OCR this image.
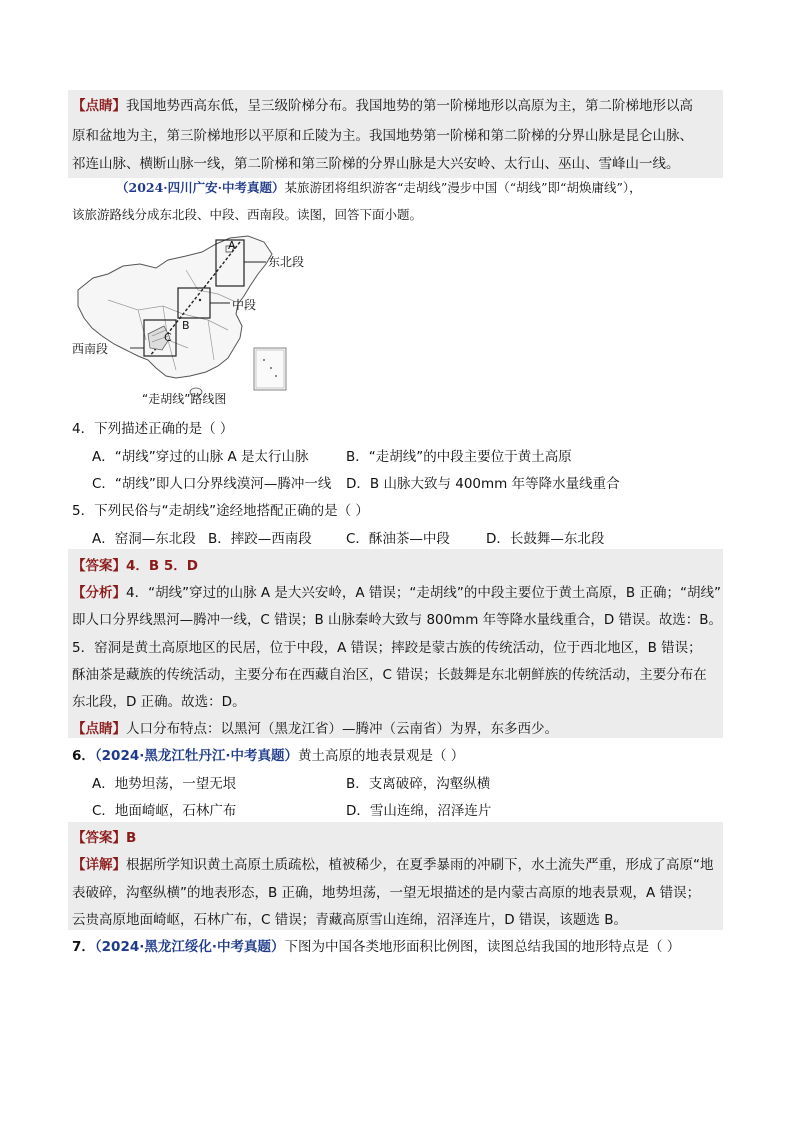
【点睛】我国地势西高东低，呈三级阶梯分布。我国地势的第一阶梯地形以高原为主，第二阶梯地形以高
原和盆地为主，第三阶梯地形以平原和丘陵为主。我国地势第一阶梯和第二阶梯的分界山脉是昆仑山脉、
祁连山脉、横断山脉一线，第二阶梯和第三阶梯的分界山脉是大兴安岭、太行山、巫山、雪峰山一线。
（2024·四川广安·中考真题）某旅游团将组织游客“走胡线”漫步中国（“胡线”即“胡焕庸线”），
该旅游路线分成东北段、中段、西南段。读图，回答下面小题。
A
B
C
东北段
中段
西南段
“走胡线”路线图
4．下列描述正确的是（ ）
A．“胡线”穿过的山脉 A 是太行山脉	B．“走胡线”的中段主要位于黄土高原
C．“胡线”即人口分界线漠河—腾冲一线 D．B 山脉大致与 400mm 年等降水量线重合
5．下列民俗与“走胡线”途经地搭配正确的是（ ）
A．窑洞—东北段 B．摔跤—西南段	C．酥油茶—中段	D．长鼓舞—东北段
【答案】4．B 5．D
【分析】4．“胡线”穿过的山脉 A 是大兴安岭，A 错误；“走胡线”的中段主要位于黄土高原，B 正确；“胡线”
即人口分界线黑河—腾冲一线，C 错误；B 山脉秦岭大致与 800mm 年等降水量线重合，D 错误。故选：B。
5．窑洞是黄土高原地区的民居，位于中段，A 错误；摔跤是蒙古族的传统活动，位于西北地区，B 错误；
酥油茶是藏族的传统活动，主要分布在西藏自治区，C 错误；长鼓舞是东北朝鲜族的传统活动，主要分布在
东北段，D 正确。故选：D。
【点睛】人口分布特点：以黑河（黑龙江省）—腾冲（云南省）为界，东多西少。
6．（2024·黑龙江牡丹江·中考真题）黄土高原的地表景观是（ ）
A．地势坦荡，一望无垠	B．支离破碎，沟壑纵横
C．地面崎岖，石林广布	D．雪山连绵，沼泽连片
【答案】B
【详解】根据所学知识黄土高原土质疏松，植被稀少，在夏季暴雨的冲刷下，水土流失严重，形成了高原“地
表破碎，沟壑纵横”的地表形态，B 正确，地势坦荡，一望无垠描述的是内蒙古高原的地表景观，A 错误；
云贵高原地面崎岖，石林广布，C 错误；青藏高原雪山连绵，沼泽连片，D 错误，该题选 B。
7．（2024·黑龙江绥化·中考真题）下图为中国各类地形面积比例图，读图总结我国的地形特点是（ ）
